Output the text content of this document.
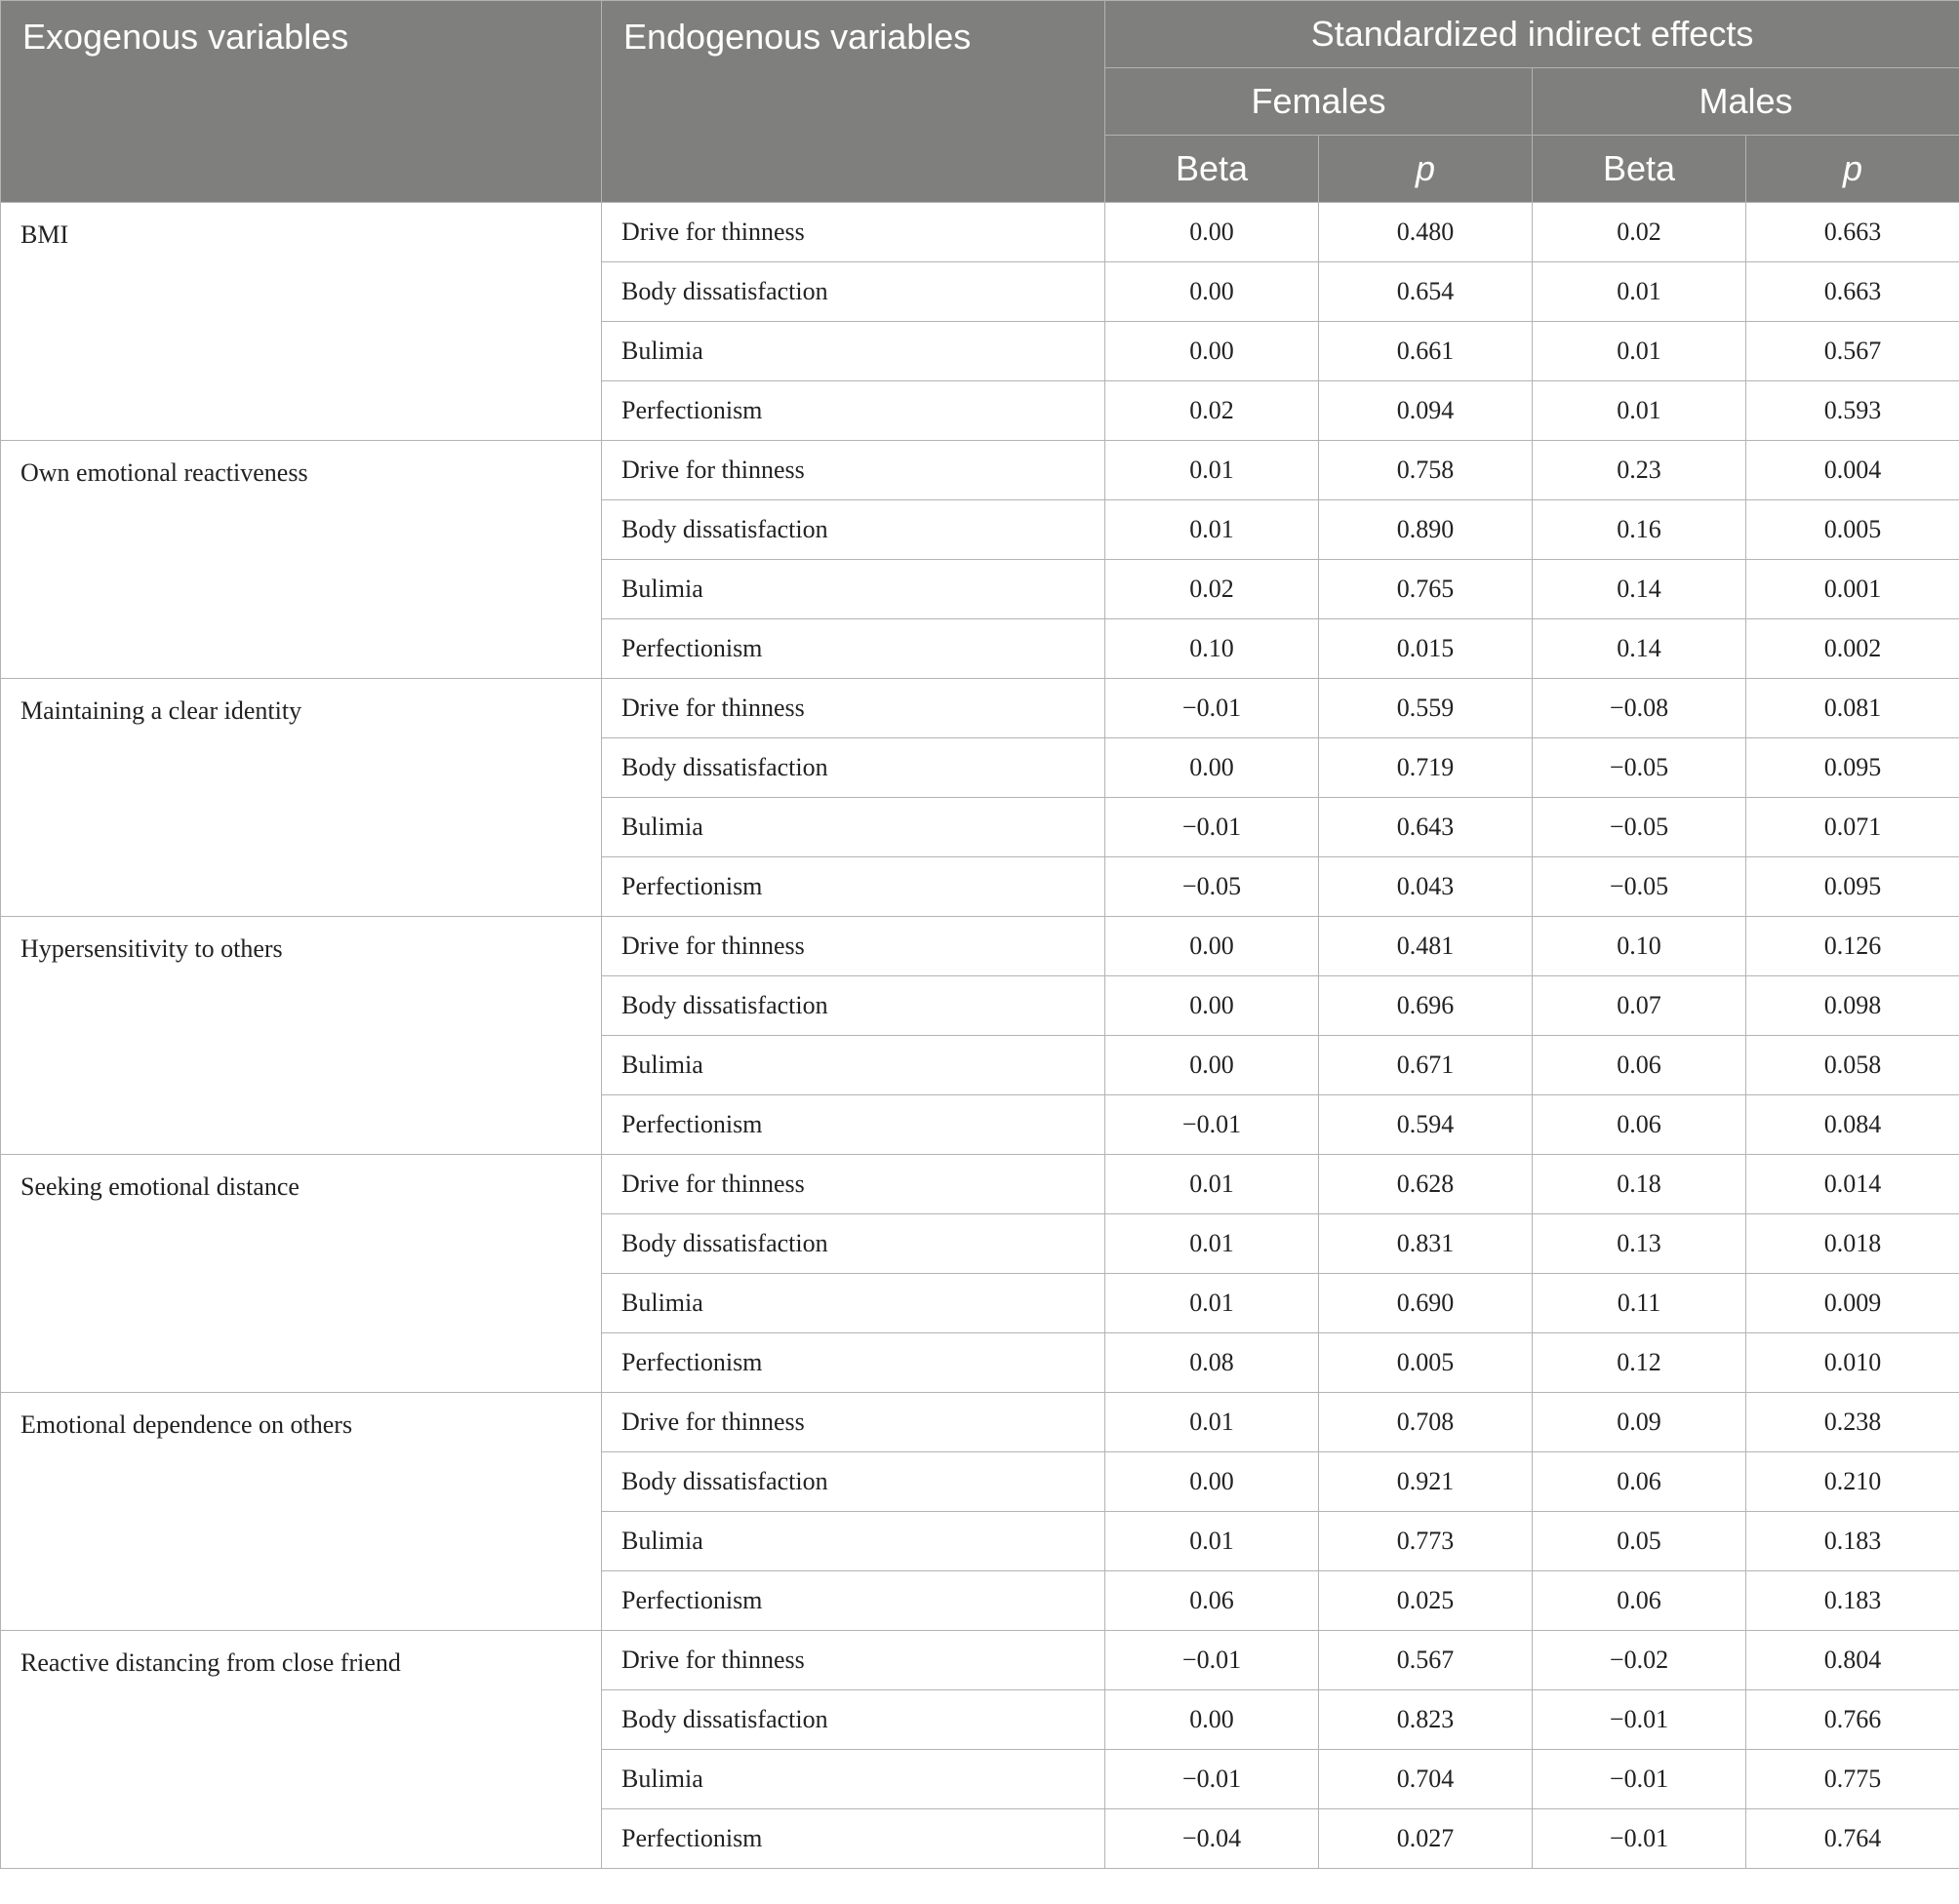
Exogenous variables	Endogenous variables	Standardized indirect effects			
		Females		Males	
		Beta	p	Beta	p
BMI	Drive for thinness	0.00	0.480	0.02	0.663
	Body dissatisfaction	0.00	0.654	0.01	0.663
	Bulimia	0.00	0.661	0.01	0.567
	Perfectionism	0.02	0.094	0.01	0.593
Own emotional reactiveness	Drive for thinness	0.01	0.758	0.23	0.004
	Body dissatisfaction	0.01	0.890	0.16	0.005
	Bulimia	0.02	0.765	0.14	0.001
	Perfectionism	0.10	0.015	0.14	0.002
Maintaining a clear identity	Drive for thinness	−0.01	0.559	−0.08	0.081
	Body dissatisfaction	0.00	0.719	−0.05	0.095
	Bulimia	−0.01	0.643	−0.05	0.071
	Perfectionism	−0.05	0.043	−0.05	0.095
Hypersensitivity to others	Drive for thinness	0.00	0.481	0.10	0.126
	Body dissatisfaction	0.00	0.696	0.07	0.098
	Bulimia	0.00	0.671	0.06	0.058
	Perfectionism	−0.01	0.594	0.06	0.084
Seeking emotional distance	Drive for thinness	0.01	0.628	0.18	0.014
	Body dissatisfaction	0.01	0.831	0.13	0.018
	Bulimia	0.01	0.690	0.11	0.009
	Perfectionism	0.08	0.005	0.12	0.010
Emotional dependence on others	Drive for thinness	0.01	0.708	0.09	0.238
	Body dissatisfaction	0.00	0.921	0.06	0.210
	Bulimia	0.01	0.773	0.05	0.183
	Perfectionism	0.06	0.025	0.06	0.183
Reactive distancing from close friend	Drive for thinness	−0.01	0.567	−0.02	0.804
	Body dissatisfaction	0.00	0.823	−0.01	0.766
	Bulimia	−0.01	0.704	−0.01	0.775
	Perfectionism	−0.04	0.027	−0.01	0.764
